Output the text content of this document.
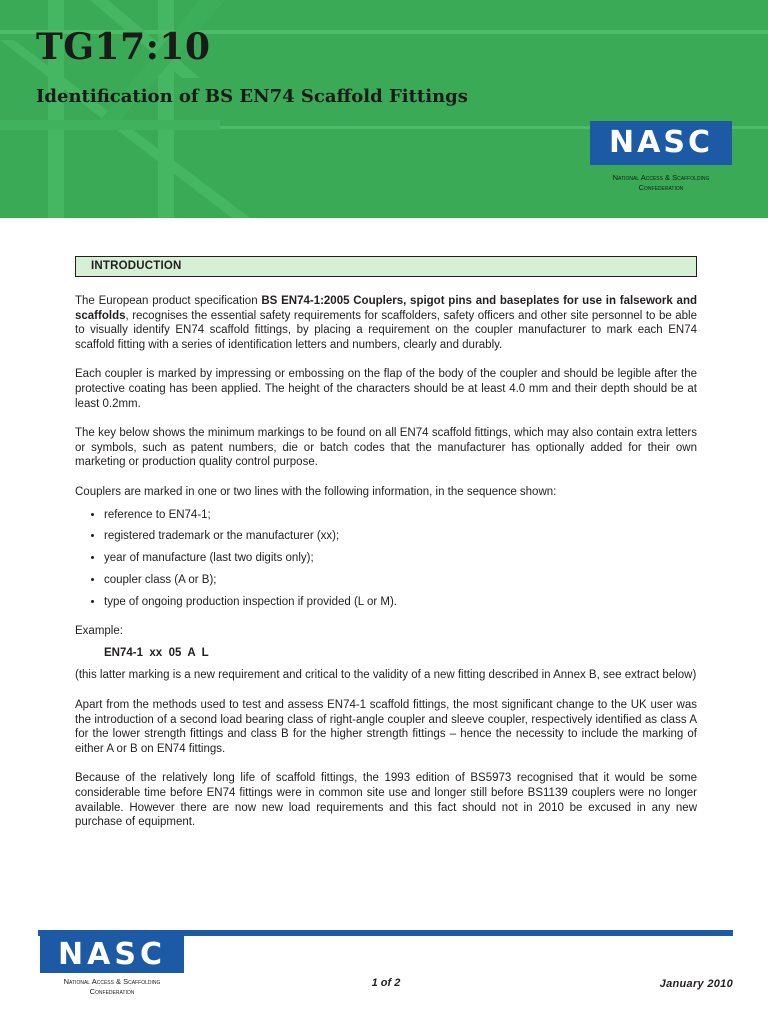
TG17:10
Identification of BS EN74 Scaffold Fittings
NASC
National Access & Scaffolding
Confederation
INTRODUCTION

The European product specification BS EN74-1:2005 Couplers, spigot pins and baseplates for use in falsework and scaffolds, recognises the essential safety requirements for scaffolders, safety officers and other site personnel to be able to visually identify EN74 scaffold fittings, by placing a requirement on the coupler manufacturer to mark each EN74 scaffold fitting with a series of identification letters and numbers, clearly and durably.

Each coupler is marked by impressing or embossing on the flap of the body of the coupler and should be legible after the protective coating has been applied. The height of the characters should be at least 4.0 mm and their depth should be at least 0.2mm.

The key below shows the minimum markings to be found on all EN74 scaffold fittings, which may also contain extra letters or symbols, such as patent numbers, die or batch codes that the manufacturer has optionally added for their own marketing or production quality control purpose.

Couplers are marked in one or two lines with the following information, in the sequence shown:

• reference to EN74-1;
• registered trademark or the manufacturer (xx);
• year of manufacture (last two digits only);
• coupler class (A or B);
• type of ongoing production inspection if provided (L or M).

Example:

EN74-1  xx  05  A  L

(this latter marking is a new requirement and critical to the validity of a new fitting described in Annex B, see extract below)

Apart from the methods used to test and assess EN74-1 scaffold fittings, the most significant change to the UK user was the introduction of a second load bearing class of right-angle coupler and sleeve coupler, respectively identified as class A for the lower strength fittings and class B for the higher strength fittings – hence the necessity to include the marking of either A or B on EN74 fittings.

Because of the relatively long life of scaffold fittings, the 1993 edition of BS5973 recognised that it would be some considerable time before EN74 fittings were in common site use and longer still before BS1139 couplers were no longer available. However there are now new load requirements and this fact should not in 2010 be excused in any new purchase of equipment.

NASC
National Access & Scaffolding
Confederation
1 of 2	January 2010
